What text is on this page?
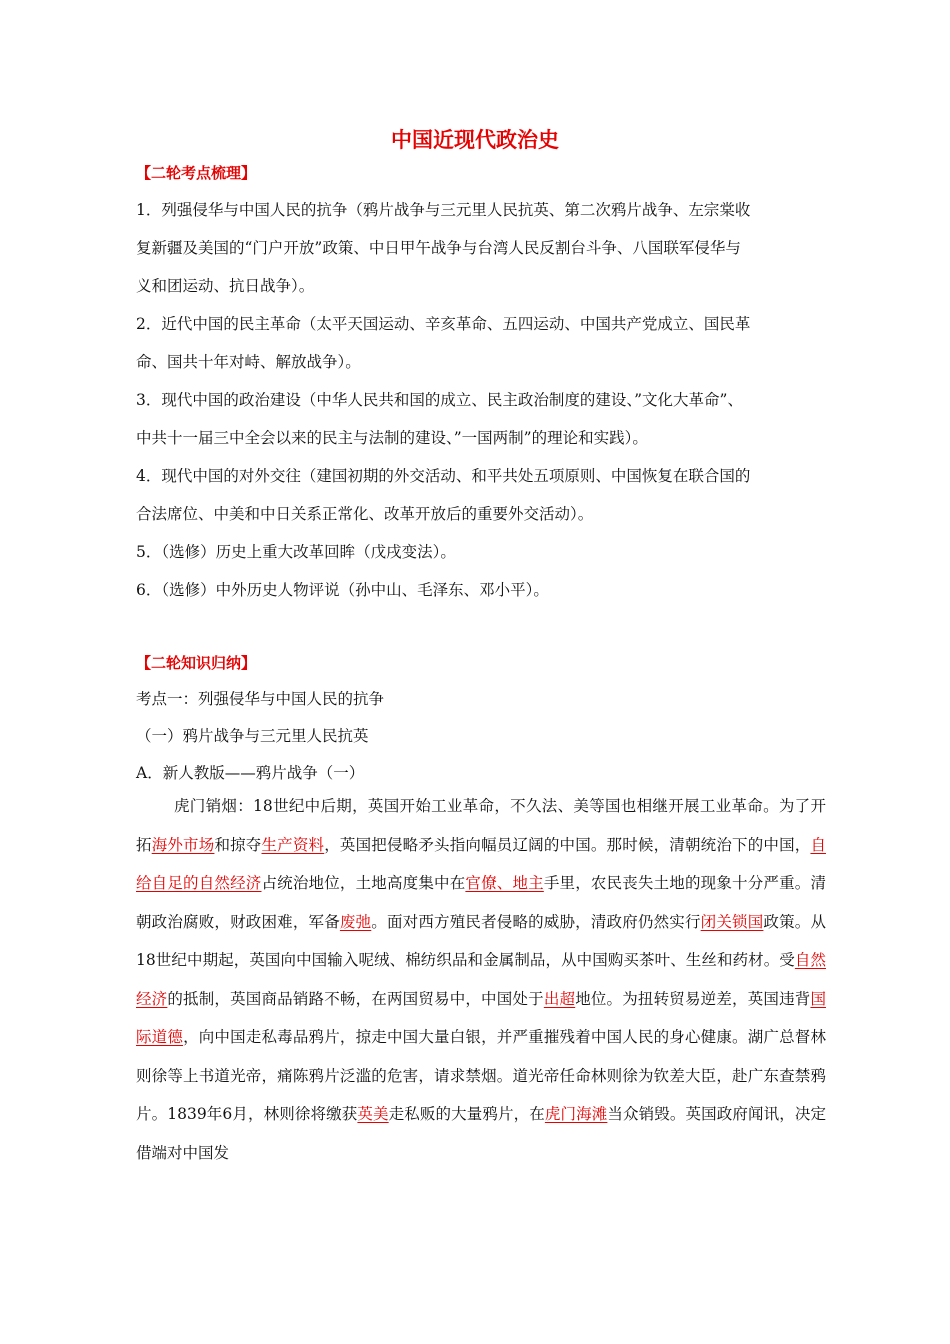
中国近现代政治史
【二轮考点梳理】
1．列强侵华与中国人民的抗争（鸦片战争与三元里人民抗英、第二次鸦片战争、左宗棠收
复新疆及美国的“门户开放”政策、中日甲午战争与台湾人民反割台斗争、八国联军侵华与
义和团运动、抗日战争）。
2．近代中国的民主革命（太平天国运动、辛亥革命、五四运动、中国共产党成立、国民革
命、国共十年对峙、解放战争）。
3．现代中国的政治建设（中华人民共和国的成立、民主政治制度的建设、”文化大革命”、
中共十一届三中全会以来的民主与法制的建设、”一国两制”的理论和实践）。
4．现代中国的对外交往（建国初期的外交活动、和平共处五项原则、中国恢复在联合国的
合法席位、中美和中日关系正常化、改革开放后的重要外交活动）。
5．（选修）历史上重大改革回眸（戊戌变法）。
6．（选修）中外历史人物评说（孙中山、毛泽东、邓小平）。
【二轮知识归纳】
考点一：列强侵华与中国人民的抗争
（一）鸦片战争与三元里人民抗英
A．新人教版——鸦片战争（一）
虎门销烟：18世纪中后期，英国开始工业革命，不久法、美等国也相继开展工业革命。为了开拓海外市场和掠夺生产资料，英国把侵略矛头指向幅员辽阔的中国。那时候，清朝统治下的中国，自给自足的自然经济占统治地位，土地高度集中在官僚、地主手里，农民丧失土地的现象十分严重。清朝政治腐败，财政困难，军备废弛。面对西方殖民者侵略的威胁，清政府仍然实行闭关锁国政策。从18世纪中期起，英国向中国输入呢绒、棉纺织品和金属制品，从中国购买茶叶、生丝和药材。受自然经济的抵制，英国商品销路不畅，在两国贸易中，中国处于出超地位。为扭转贸易逆差，英国违背国际道德，向中国走私毒品鸦片，掠走中国大量白银，并严重摧残着中国人民的身心健康。湖广总督林则徐等上书道光帝，痛陈鸦片泛滥的危害，请求禁烟。道光帝任命林则徐为钦差大臣，赴广东查禁鸦片。1839年6月，林则徐将缴获英美走私贩的大量鸦片，在虎门海滩当众销毁。英国政府闻讯，决定借端对中国发
